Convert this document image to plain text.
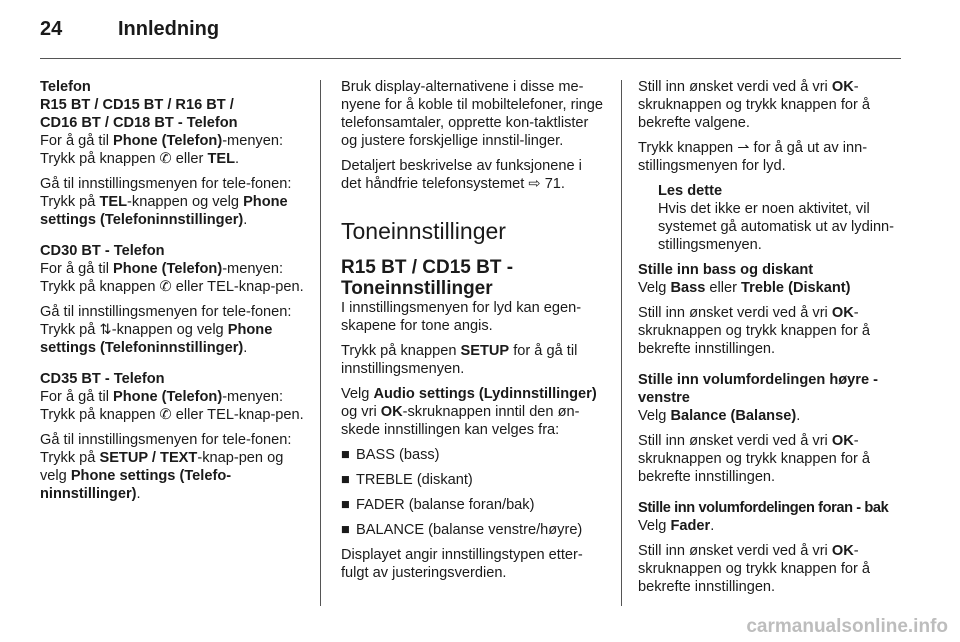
24	Innledning

Telefon

R15 BT / CD15 BT / R16 BT /
CD16 BT / CD18 BT - Telefon

For å gå til Phone (Telefon)-menyen: Trykk på knappen ✆ eller TEL.

Gå til innstillingsmenyen for tele-fonen: Trykk på TEL-knappen og velg Phone settings (Telefoninnstillinger).

CD30 BT - Telefon

For å gå til Phone (Telefon)-menyen: Trykk på knappen ✆ eller TEL-knap-pen.

Gå til innstillingsmenyen for tele-fonen: Trykk på ⇅-knappen og velg Phone settings (Telefoninnstillinger).

CD35 BT - Telefon

For å gå til Phone (Telefon)-menyen: Trykk på knappen ✆ eller TEL-knap-pen.

Gå til innstillingsmenyen for tele-fonen: Trykk på SETUP / TEXT-knap-pen og velg Phone settings (Telefo-ninnstillinger).

Bruk display-alternativene i disse me-nyene for å koble til mobiltelefoner, ringe telefonsamtaler, opprette kon-taktlister og justere forskjellige innstil-linger.

Detaljert beskrivelse av funksjonene i det håndfrie telefonsystemet ⇨ 71.

Toneinnstillinger

R15 BT / CD15 BT - Toneinnstillinger

I innstillingsmenyen for lyd kan egen-skapene for tone angis.

Trykk på knappen SETUP for å gå til innstillingsmenyen.

Velg Audio settings (Lydinnstillinger) og vri OK-skruknappen inntil den øn-skede innstillingen kan velges fra:

■ BASS (bass)

■ TREBLE (diskant)

■ FADER (balanse foran/bak)

■ BALANCE (balanse venstre/høyre)

Displayet angir innstillingstypen etter-fulgt av justeringsverdien.

Still inn ønsket verdi ved å vri OK-skruknappen og trykk knappen for å bekrefte valgene.

Trykk knappen ⇀ for å gå ut av inn-stillingsmenyen for lyd.

Les dette

Hvis det ikke er noen aktivitet, vil systemet gå automatisk ut av lydinn-stillingsmenyen.

Stille inn bass og diskant

Velg Bass eller Treble (Diskant)

Still inn ønsket verdi ved å vri OK-skruknappen og trykk knappen for å bekrefte innstillingen.

Stille inn volumfordelingen høyre - venstre

Velg Balance (Balanse).

Still inn ønsket verdi ved å vri OK-skruknappen og trykk knappen for å bekrefte innstillingen.

Stille inn volumfordelingen foran - bak

Velg Fader.

Still inn ønsket verdi ved å vri OK-skruknappen og trykk knappen for å bekrefte innstillingen.

carmanualsonline.info
